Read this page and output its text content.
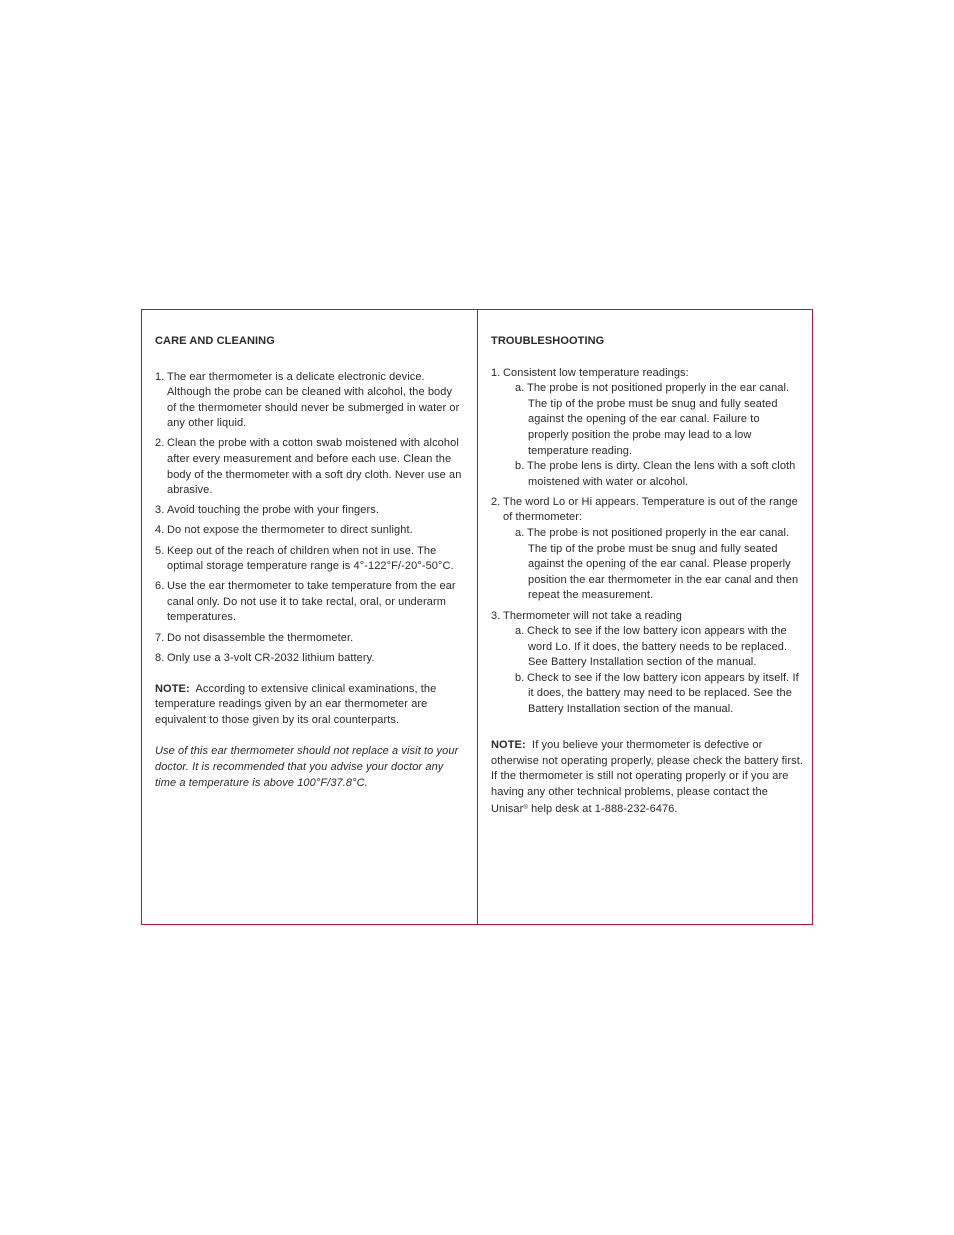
CARE AND CLEANING

1. The ear thermometer is a delicate electronic device. Although the probe can be cleaned with alcohol, the body of the thermometer should never be submerged in water or any other liquid.
2. Clean the probe with a cotton swab moistened with alcohol after every measurement and before each use. Clean the body of the thermometer with a soft dry cloth. Never use an abrasive.
3. Avoid touching the probe with your fingers.
4. Do not expose the thermometer to direct sunlight.
5. Keep out of the reach of children when not in use. The optimal storage temperature range is 4°-122°F/-20°-50°C.
6. Use the ear thermometer to take temperature from the ear canal only. Do not use it to take rectal, oral, or underarm temperatures.
7. Do not disassemble the thermometer.
8. Only use a 3-volt CR-2032 lithium battery.

NOTE: According to extensive clinical examinations, the temperature readings given by an ear thermometer are equivalent to those given by its oral counterparts.

Use of this ear thermometer should not replace a visit to your doctor. It is recommended that you advise your doctor any time a temperature is above 100°F/37.8°C.

TROUBLESHOOTING

1. Consistent low temperature readings:
a. The probe is not positioned properly in the ear canal. The tip of the probe must be snug and fully seated against the opening of the ear canal. Failure to properly position the probe may lead to a low temperature reading.
b. The probe lens is dirty. Clean the lens with a soft cloth moistened with water or alcohol.
2. The word Lo or Hi appears. Temperature is out of the range of thermometer:
a. The probe is not positioned properly in the ear canal. The tip of the probe must be snug and fully seated against the opening of the ear canal. Please properly position the ear thermometer in the ear canal and then repeat the measurement.
3. Thermometer will not take a reading
a. Check to see if the low battery icon appears with the word Lo. If it does, the battery needs to be replaced. See Battery Installation section of the manual.
b. Check to see if the low battery icon appears by itself. If it does, the battery may need to be replaced. See the Battery Installation section of the manual.

NOTE: If you believe your thermometer is defective or otherwise not operating properly, please check the battery first. If the thermometer is still not operating properly or if you are having any other technical problems, please contact the Unisar® help desk at 1-888-232-6476.
